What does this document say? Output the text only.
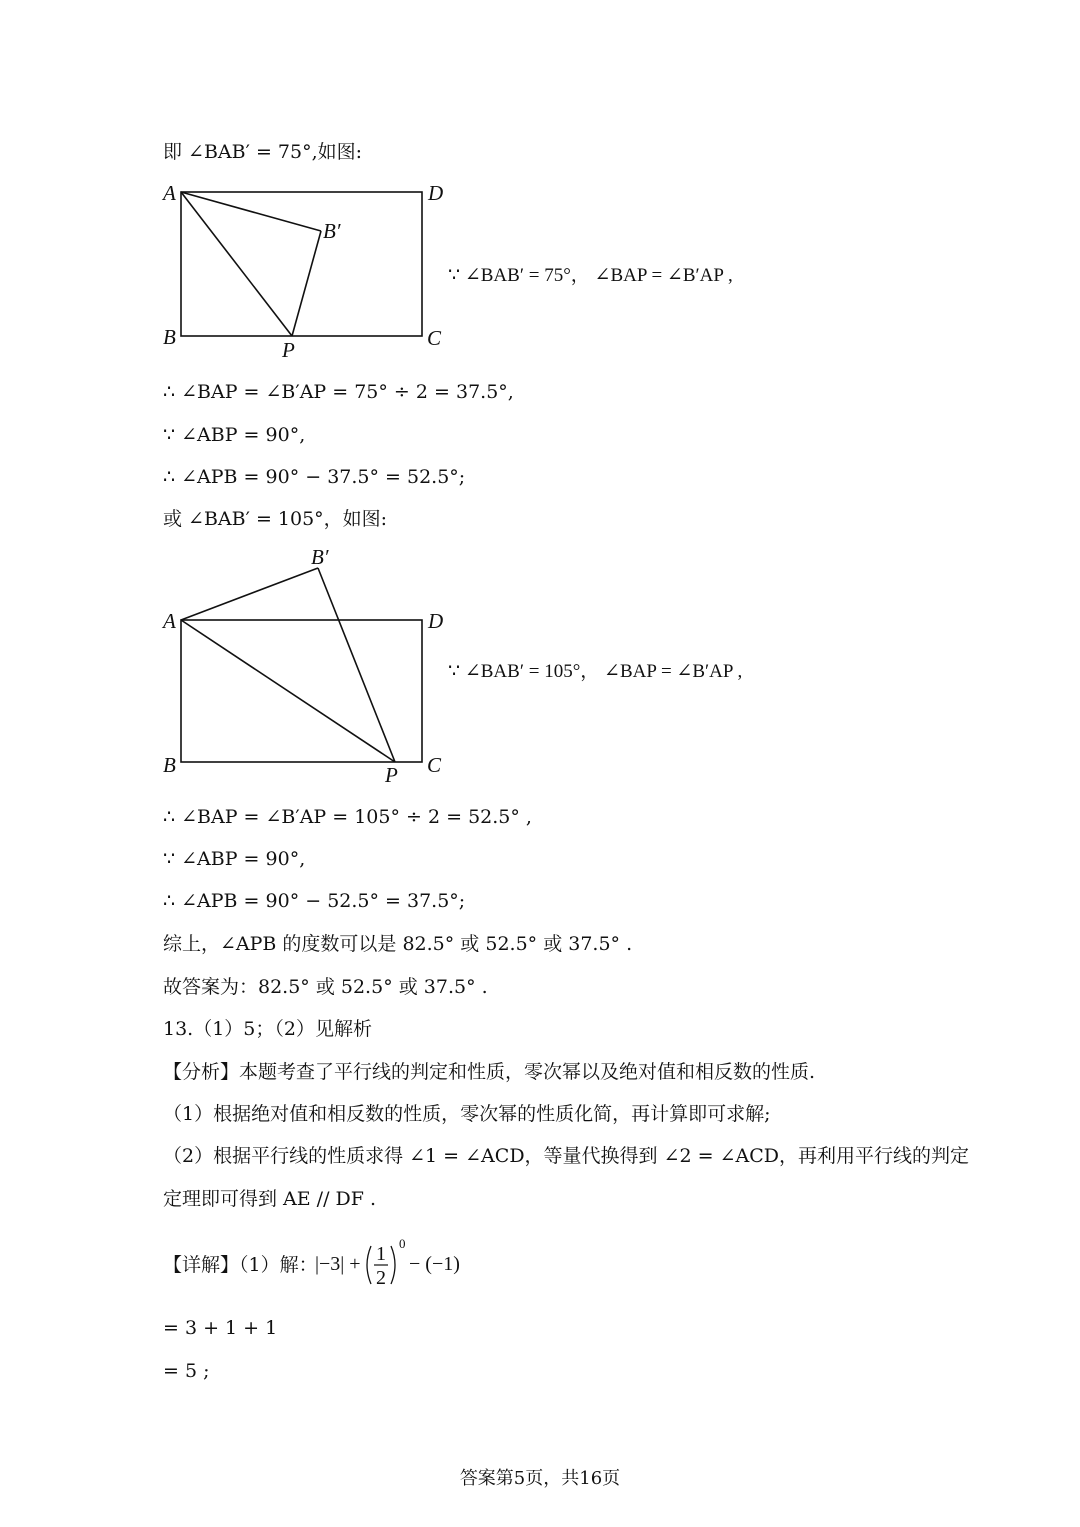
即 ∠BAB′ = 75°,如图:
A	D
B′
B
P	C
∵ ∠BAB′ = 75°， ∠BAP = ∠B′AP ,
∴ ∠BAP = ∠B′AP = 75° ÷ 2 = 37.5°,
∵ ∠ABP = 90°,
∴ ∠APB = 90° − 37.5° = 52.5°;
或 ∠BAB′ = 105°，如图:
A	D
B′
B	P C
∵ ∠BAB′ = 105°， ∠BAP = ∠B′AP ,
∴ ∠BAP = ∠B′AP = 105° ÷ 2 = 52.5° ,
∵ ∠ABP = 90°,
∴ ∠APB = 90° − 52.5° = 37.5°;
综上，∠APB 的度数可以是 82.5° 或 52.5° 或 37.5° .
故答案为：82.5° 或 52.5° 或 37.5° .
13.（1）5；（2）见解析
【分析】本题考查了平行线的判定和性质，零次幂以及绝对值和相反数的性质.
（1）根据绝对值和相反数的性质，零次幂的性质化简，再计算即可求解;
（2）根据平行线的性质求得 ∠1 = ∠ACD，等量代换得到 ∠2 = ∠ACD，再利用平行线的判定
定理即可得到 AE // DF .
【详解】（1）解：
|−3| + 1
2
0
− (−1)
= 3 + 1 + 1
= 5 ;
答案第5页，共16页
